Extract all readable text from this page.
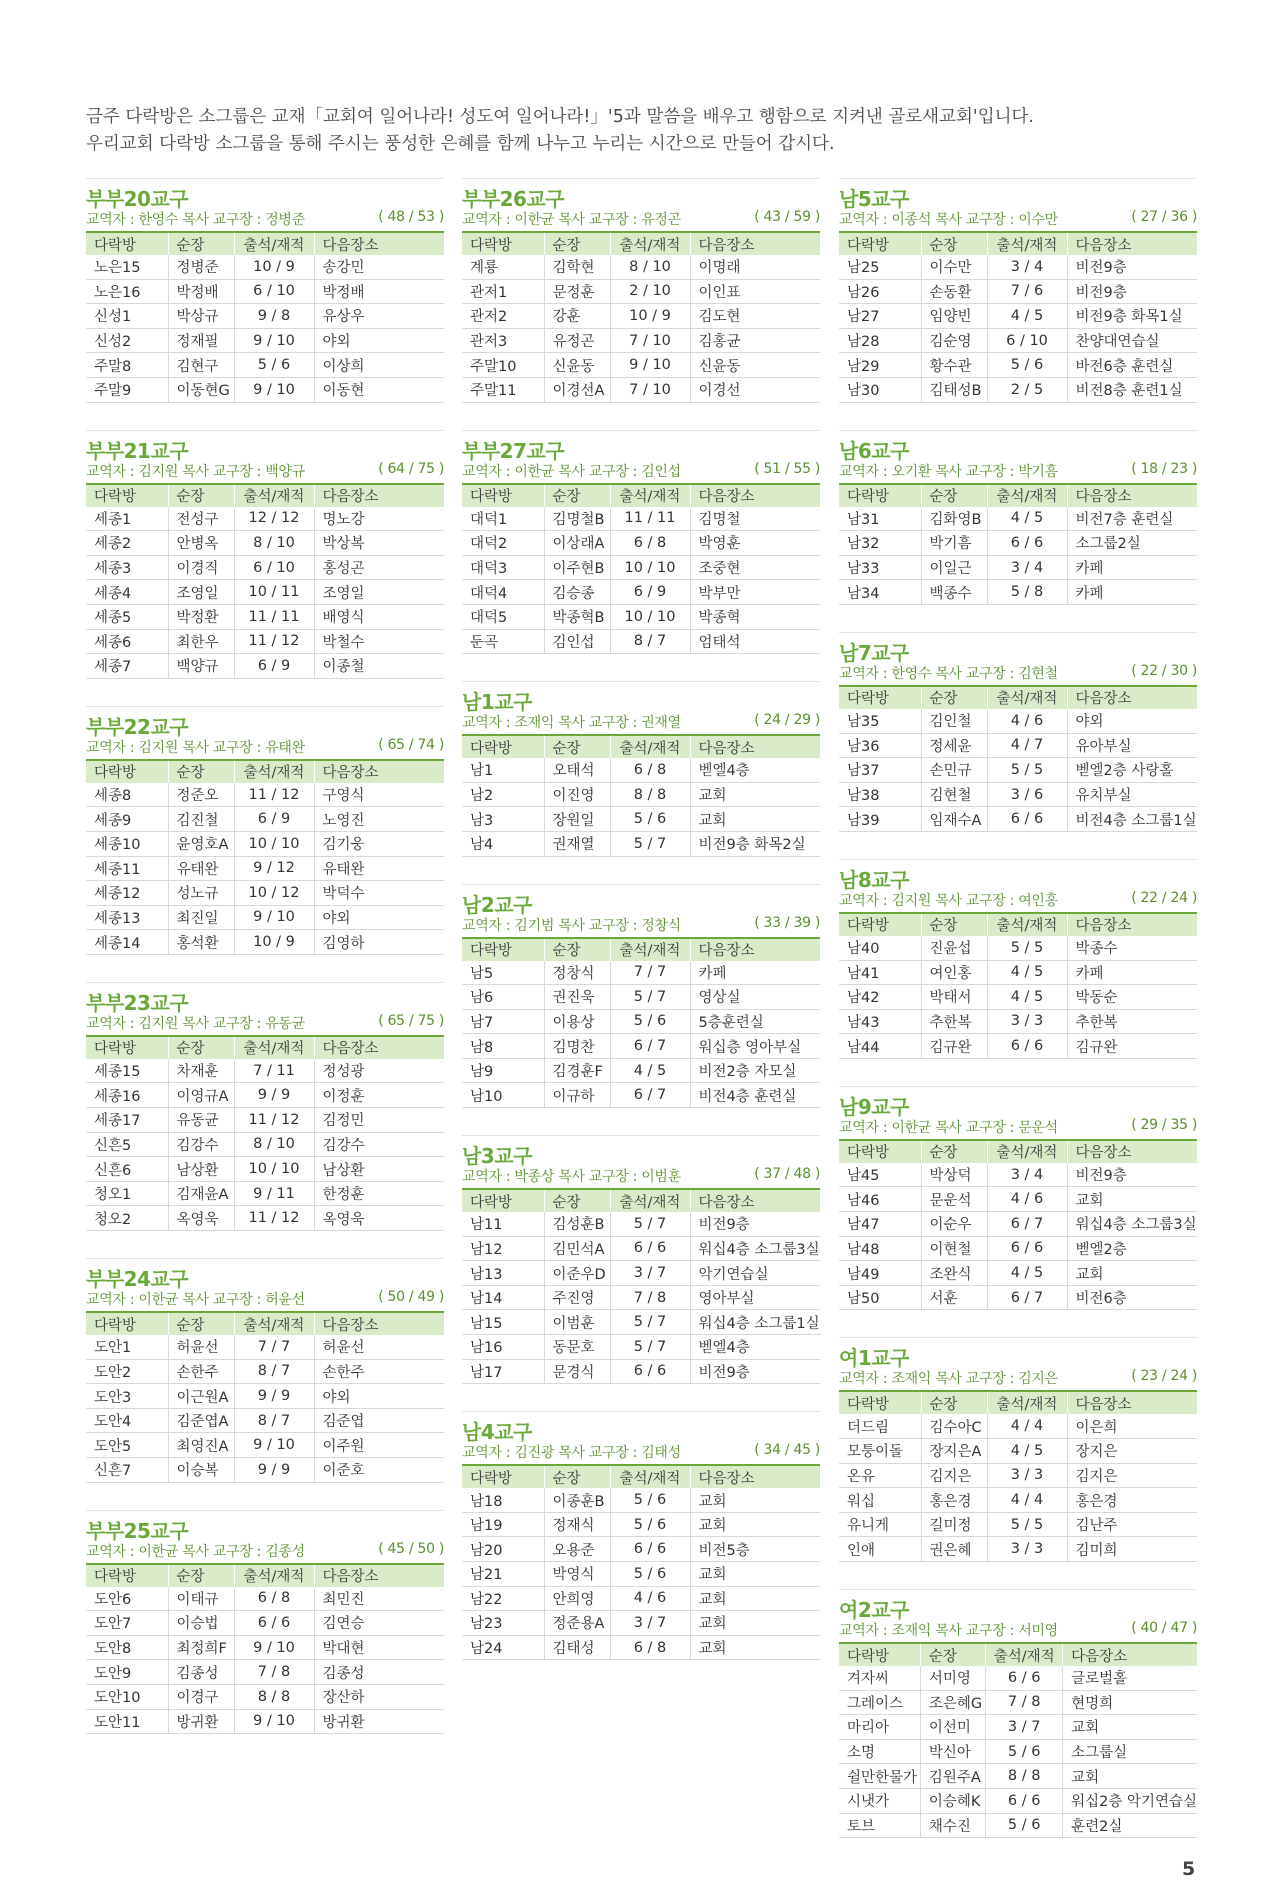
금주 다락방은 소그룹은 교재「교회여 일어나라! 성도여 일어나라!」'5과 말씀을 배우고 행함으로 지켜낸 골로새교회'입니다.
우리교회 다락방 소그룹을 통해 주시는 풍성한 은혜를 함께 나누고 누리는 시간으로 만들어 갑시다.
부부20교구
교역자 : 한영수 목사 교구장 : 정병준	( 48 / 53 )
다락방	순장	출석/재적	다음장소
노은15	정병준	10 / 9	송강민
노은16	박정배	6 / 10	박정배
신성1	박상규	9 / 8	유상우
신성2	정재필	9 / 10	야외
주말8	김현구	5 / 6	이상희
주말9	이동현G	9 / 10	이동현
부부21교구
교역자 : 김지원 목사 교구장 : 백양규	( 64 / 75 )
다락방	순장	출석/재적	다음장소
세종1	전성구	12 / 12	명노강
세종2	안병옥	8 / 10	박상복
세종3	이경직	6 / 10	홍성곤
세종4	조영일	10 / 11	조영일
세종5	박정환	11 / 11	배영식
세종6	최한우	11 / 12	박철수
세종7	백양규	6 / 9	이종철
부부22교구
교역자 : 김지원 목사 교구장 : 유태완	( 65 / 74 )
다락방	순장	출석/재적	다음장소
세종8	정준오	11 / 12	구영식
세종9	김진철	6 / 9	노영진
세종10	윤영호A	10 / 10	김기웅
세종11	유태완	9 / 12	유태완
세종12	성노규	10 / 12	박덕수
세종13	최진일	9 / 10	야외
세종14	홍석환	10 / 9	김영하
부부23교구
교역자 : 김지원 목사 교구장 : 유동균	( 65 / 75 )
다락방	순장	출석/재적	다음장소
세종15	차재훈	7 / 11	정성광
세종16	이영규A	9 / 9	이정훈
세종17	유동균	11 / 12	김정민
신흔5	김강수	8 / 10	김강수
신흔6	남상환	10 / 10	남상환
청오1	김재윤A	9 / 11	한정훈
청오2	옥영욱	11 / 12	옥영욱
부부24교구
교역자 : 이한균 목사 교구장 : 허윤선	( 50 / 49 )
다락방	순장	출석/재적	다음장소
도안1	허윤선	7 / 7	허윤선
도안2	손한주	8 / 7	손한주
도안3	이근원A	9 / 9	야외
도안4	김준엽A	8 / 7	김준엽
도안5	최영진A	9 / 10	이주원
신흔7	이승복	9 / 9	이준호
부부25교구
교역자 : 이한균 목사 교구장 : 김종성	( 45 / 50 )
다락방	순장	출석/재적	다음장소
도안6	이태규	6 / 8	최민진
도안7	이승법	6 / 6	김연승
도안8	최정희F	9 / 10	박대현
도안9	김종성	7 / 8	김종성
도안10	이경구	8 / 8	장산하
도안11	방귀환	9 / 10	방귀환
부부26교구
교역자 : 이한균 목사 교구장 : 유정곤	( 43 / 59 )
다락방	순장	출석/재적	다음장소
계룡	김학현	8 / 10	이명래
관저1	문정훈	2 / 10	이인표
관저2	강훈	10 / 9	김도현
관저3	유정곤	7 / 10	김홍균
주말10	신윤동	9 / 10	신윤동
주말11	이경선A	7 / 10	이경선
부부27교구
교역자 : 이한균 목사 교구장 : 김인섭	( 51 / 55 )
다락방	순장	출석/재적	다음장소
대덕1	김명철B	11 / 11	김명철
대덕2	이상래A	6 / 8	박영훈
대덕3	이주현B	10 / 10	조중현
대덕4	김승종	6 / 9	박부만
대덕5	박종혁B	10 / 10	박종혁
둔곡	김인섭	8 / 7	엄태석
남1교구
교역자 : 조재익 목사 교구장 : 권재열	( 24 / 29 )
다락방	순장	출석/재적	다음장소
남1	오태석	6 / 8	벧엘4층
남2	이진영	8 / 8	교회
남3	장원일	5 / 6	교회
남4	권재열	5 / 7	비전9층 화목2실
남2교구
교역자 : 김기범 목사 교구장 : 정창식	( 33 / 39 )
다락방	순장	출석/재적	다음장소
남5	정창식	7 / 7	카페
남6	권진욱	5 / 7	영상실
남7	이용상	5 / 6	5층훈련실
남8	김명찬	6 / 7	워십층 영아부실
남9	김경훈F	4 / 5	비전2층 자모실
남10	이규하	6 / 7	비전4층 훈련실
남3교구
교역자 : 박종상 목사 교구장 : 이범훈	( 37 / 48 )
다락방	순장	출석/재적	다음장소
남11	김성훈B	5 / 7	비전9층
남12	김민석A	6 / 6	워십4층 소그룹3실
남13	이준우D	3 / 7	악기연습실
남14	주진영	7 / 8	영아부실
남15	이범훈	5 / 7	워십4층 소그룹1실
남16	동문호	5 / 7	벧엘4층
남17	문경식	6 / 6	비전9층
남4교구
교역자 : 김진광 목사 교구장 : 김태성	( 34 / 45 )
다락방	순장	출석/재적	다음장소
남18	이종훈B	5 / 6	교회
남19	정재식	5 / 6	교회
남20	오용준	6 / 6	비전5층
남21	박영식	5 / 6	교회
남22	안희영	4 / 6	교회
남23	정준용A	3 / 7	교회
남24	김태성	6 / 8	교회
남5교구
교역자 : 이종석 목사 교구장 : 이수만	( 27 / 36 )
다락방	순장	출석/재적	다음장소
남25	이수만	3 / 4	비전9층
남26	손동환	7 / 6	비전9층
남27	임양빈	4 / 5	비전9층 화목1실
남28	김순영	6 / 10	찬양대연습실
남29	황수관	5 / 6	바전6층 훈련실
남30	김태성B	2 / 5	비전8층 훈련1실
남6교구
교역자 : 오기환 목사 교구장 : 박기흠	( 18 / 23 )
다락방	순장	출석/재적	다음장소
남31	김화영B	4 / 5	비전7층 훈련실
남32	박기흠	6 / 6	소그룹2실
남33	이일근	3 / 4	카페
남34	백종수	5 / 8	카페
남7교구
교역자 : 한영수 목사 교구장 : 김현철	( 22 / 30 )
다락방	순장	출석/재적	다음장소
남35	김인철	4 / 6	야외
남36	정세윤	4 / 7	유아부실
남37	손민규	5 / 5	벧엘2층 사랑홀
남38	김현철	3 / 6	유치부실
남39	임재수A	6 / 6	비전4층 소그룹1실
남8교구
교역자 : 김지원 목사 교구장 : 여인홍	( 22 / 24 )
다락방	순장	출석/재적	다음장소
남40	진윤섭	5 / 5	박종수
남41	여인홍	4 / 5	카페
남42	박태서	4 / 5	박동순
남43	추한복	3 / 3	추한복
남44	김규완	6 / 6	김규완
남9교구
교역자 : 이한균 목사 교구장 : 문운석	( 29 / 35 )
다락방	순장	출석/재적	다음장소
남45	박상덕	3 / 4	비전9층
남46	문운석	4 / 6	교회
남47	이순우	6 / 7	워십4층 소그룹3실
남48	이현철	6 / 6	벧엘2층
남49	조완식	4 / 5	교회
남50	서훈	6 / 7	비전6층
여1교구
교역자 : 조재익 목사 교구장 : 김지은	( 23 / 24 )
다락방	순장	출석/재적	다음장소
더드림	김수아C	4 / 4	이은희
모퉁이돌	장지은A	4 / 5	장지은
온유	김지은	3 / 3	김지은
워십	홍은경	4 / 4	홍은경
유니게	길미정	5 / 5	김난주
인애	권은혜	3 / 3	김미희
여2교구
교역자 : 조재익 목사 교구장 : 서미영	( 40 / 47 )
다락방	순장	출석/재적	다음장소
겨자씨	서미영	6 / 6	글로벌홀
그레이스	조은혜G	7 / 8	현명희
마리아	이선미	3 / 7	교회
소명	박신아	5 / 6	소그룹실
쉴만한물가	김원주A	8 / 8	교회
시냇가	이승혜K	6 / 6	워십2층 악기연습실
토브	채수진	5 / 6	훈련2실
5
